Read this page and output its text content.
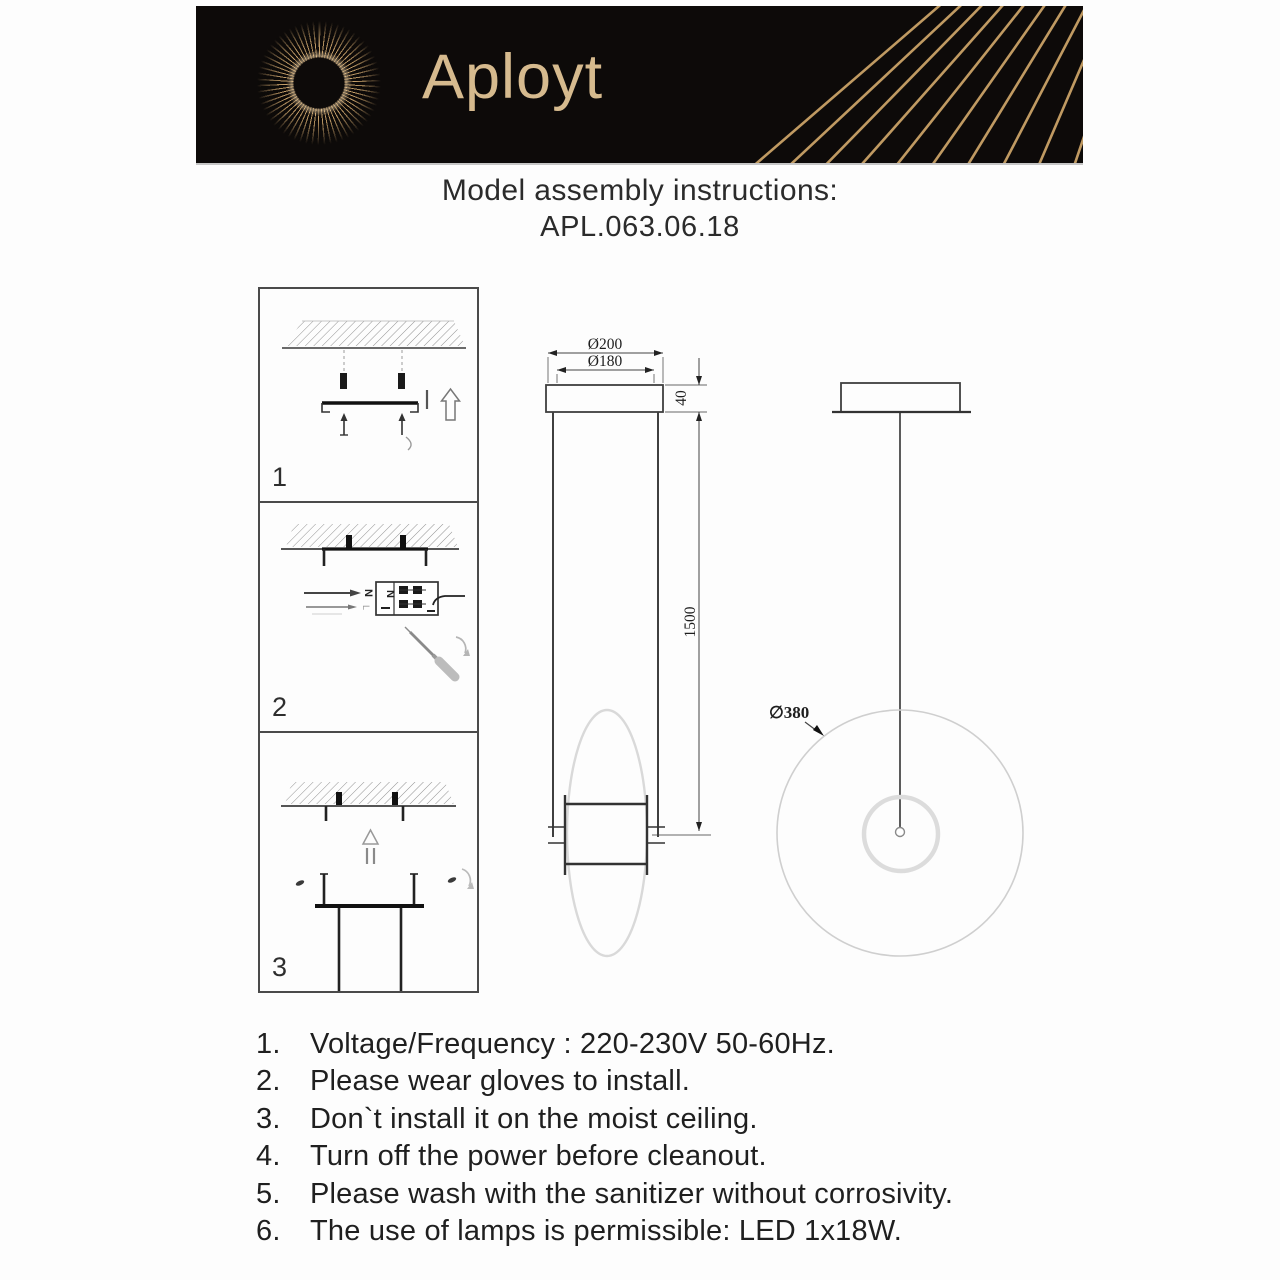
Aployt
Model assembly instructions:
APL.063.06.18
1
N
L
N
2
3
Ø200
Ø180
40
1500
∅380
1.	Voltage/Frequency : 220-230V 50-60Hz.
2.	Please wear gloves to install.
3.	Don`t install it on the moist ceiling.
4.	Turn off the power before cleanout.
5.	Please wash with the sanitizer without corrosivity.
6.	The use of lamps is permissible: LED 1x18W.
